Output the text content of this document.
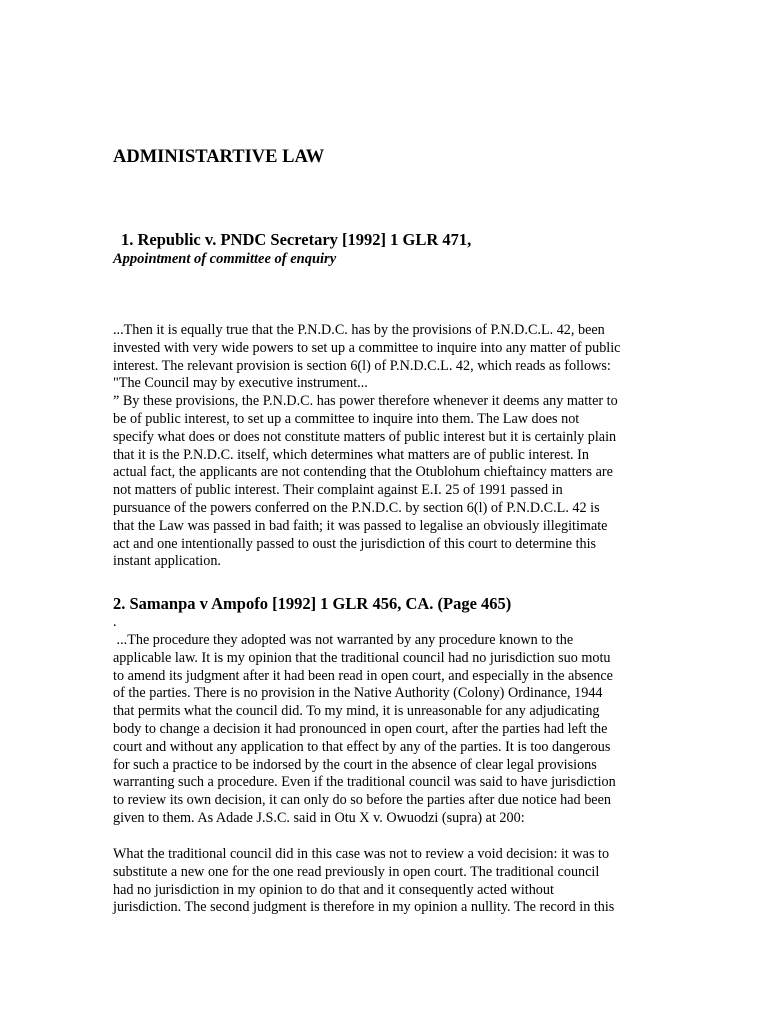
ADMINISTARTIVE LAW
1. Republic v. PNDC Secretary [1992] 1 GLR 471,
Appointment of committee of enquiry
...Then it is equally true that the P.N.D.C. has by the provisions of P.N.D.C.L. 42, been
invested with very wide powers to set up a committee to inquire into any matter of public
interest. The relevant provision is section 6(l) of P.N.D.C.L. 42, which reads as follows:
"The Council may by executive instrument...
” By these provisions, the P.N.D.C. has power therefore whenever it deems any matter to
be of public interest, to set up a committee to inquire into them. The Law does not
specify what does or does not constitute matters of public interest but it is certainly plain
that it is the P.N.D.C. itself, which determines what matters are of public interest. In
actual fact, the applicants are not contending that the Otublohum chieftaincy matters are
not matters of public interest. Their complaint against E.I. 25 of 1991 passed in
pursuance of the powers conferred on the P.N.D.C. by section 6(l) of P.N.D.C.L. 42 is
that the Law was passed in bad faith; it was passed to legalise an obviously illegitimate
act and one intentionally passed to oust the jurisdiction of this court to determine this
instant application.
2. Samanpa v Ampofo [1992] 1 GLR 456, CA. (Page 465)
.
...The procedure they adopted was not warranted by any procedure known to the
applicable law. It is my opinion that the traditional council had no jurisdiction suo motu
to amend its judgment after it had been read in open court, and especially in the absence
of the parties. There is no provision in the Native Authority (Colony) Ordinance, 1944
that permits what the council did. To my mind, it is unreasonable for any adjudicating
body to change a decision it had pronounced in open court, after the parties had left the
court and without any application to that effect by any of the parties. It is too dangerous
for such a practice to be indorsed by the court in the absence of clear legal provisions
warranting such a procedure. Even if the traditional council was said to have jurisdiction
to review its own decision, it can only do so before the parties after due notice had been
given to them. As Adade J.S.C. said in Otu X v. Owuodzi (supra) at 200:
What the traditional council did in this case was not to review a void decision: it was to
substitute a new one for the one read previously in open court. The traditional council
had no jurisdiction in my opinion to do that and it consequently acted without
jurisdiction. The second judgment is therefore in my opinion a nullity. The record in this
